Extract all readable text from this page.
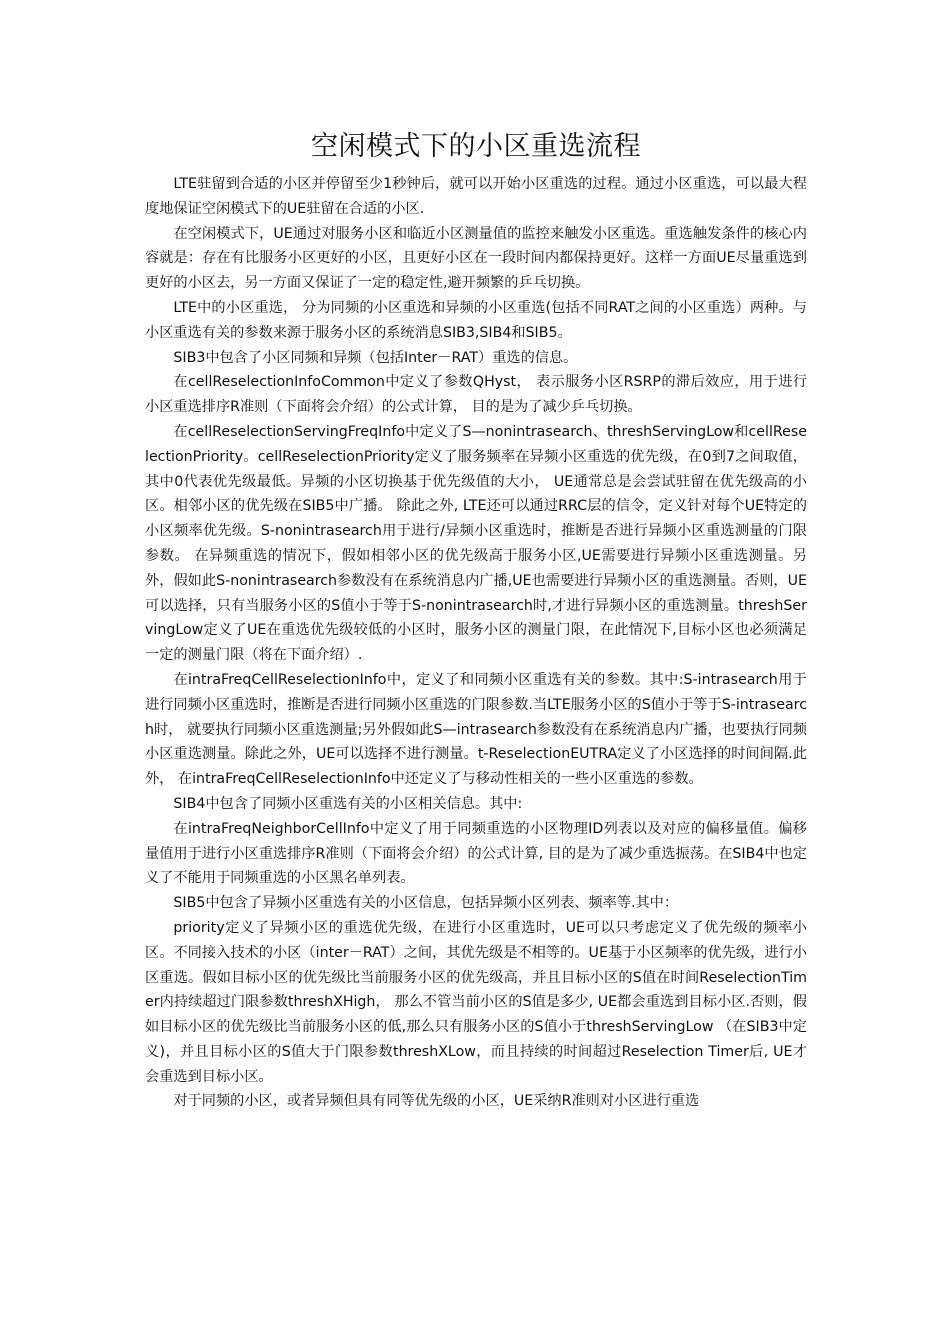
空闲模式下的小区重选流程

LTE驻留到合适的小区并停留至少1秒钟后，就可以开始小区重选的过程。通过小区重选，可以最大程度地保证空闲模式下的UE驻留在合适的小区.

在空闲模式下，UE通过对服务小区和临近小区测量值的监控来触发小区重选。重选触发条件的核心内容就是：存在有比服务小区更好的小区，且更好小区在一段时间内都保持更好。这样一方面UE尽量重选到更好的小区去，另一方面又保证了一定的稳定性,避开频繁的乒乓切换。

LTE中的小区重选， 分为同频的小区重选和异频的小区重选(包括不同RAT之间的小区重选）两种。与小区重选有关的参数来源于服务小区的系统消息SIB3,SIB4和SIB5。

SIB3中包含了小区同频和异频（包括Inter－RAT）重选的信息。

在cellReselectionInfoCommon中定义了参数QHyst， 表示服务小区RSRP的滞后效应，用于进行小区重选排序R准则（下面将会介绍）的公式计算， 目的是为了减少乒乓切换。

在cellReselectionServingFreqInfo中定义了S—nonintrasearch、threshServingLow和cellReselectionPriority。cellReselectionPriority定义了服务频率在异频小区重选的优先级，在0到7之间取值， 其中0代表优先级最低。异频的小区切换基于优先级值的大小， UE通常总是会尝试驻留在优先级高的小区。相邻小区的优先级在SIB5中广播。 除此之外, LTE还可以通过RRC层的信令，定义针对每个UE特定的小区频率优先级。S-nonintrasearch用于进行/异频小区重选时，推断是否进行异频小区重选测量的门限参数。 在异频重选的情况下，假如相邻小区的优先级高于服务小区,UE需要进行异频小区重选测量。另外，假如此S-nonintrasearch参数没有在系统消息内广播,UE也需要进行异频小区的重选测量。否则，UE可以选择，只有当服务小区的S值小于等于S-nonintrasearch时,才进行异频小区的重选测量。threshServingLow定义了UE在重选优先级较低的小区时，服务小区的测量门限，在此情况下,目标小区也必须满足一定的测量门限（将在下面介绍）.

在intraFreqCellReselectionInfo中，定义了和同频小区重选有关的参数。其中:S-intrasearch用于进行同频小区重选时，推断是否进行同频小区重选的门限参数.当LTE服务小区的S值小于等于S-intrasearch时， 就要执行同频小区重选测量;另外假如此S—intrasearch参数没有在系统消息内广播，也要执行同频小区重选测量。除此之外，UE可以选择不进行测量。t-ReselectionEUTRA定义了小区选择的时间间隔.此外， 在intraFreqCellReselectionInfo中还定义了与移动性相关的一些小区重选的参数。

SIB4中包含了同频小区重选有关的小区相关信息。其中:

在intraFreqNeighborCellInfo中定义了用于同频重选的小区物理ID列表以及对应的偏移量值。偏移量值用于进行小区重选排序R准则（下面将会介绍）的公式计算, 目的是为了减少重选振荡。在SIB4中也定义了不能用于同频重选的小区黑名单列表。

SIB5中包含了异频小区重选有关的小区信息，包括异频小区列表、频率等.其中：

priority定义了异频小区的重选优先级，在进行小区重选时，UE可以只考虑定义了优先级的频率小区。不同接入技术的小区（inter－RAT）之间，其优先级是不相等的。UE基于小区频率的优先级，进行小区重选。假如目标小区的优先级比当前服务小区的优先级高，并且目标小区的S值在时间ReselectionTimer内持续超过门限参数threshXHigh， 那么不管当前小区的S值是多少, UE都会重选到目标小区.否则，假如目标小区的优先级比当前服务小区的低,那么只有服务小区的S值小于threshServingLow （在SIB3中定义)，并且目标小区的S值大于门限参数threshXLow，而且持续的时间超过Reselection Timer后, UE才会重选到目标小区。

对于同频的小区，或者异频但具有同等优先级的小区，UE采纳R准则对小区进行重选
